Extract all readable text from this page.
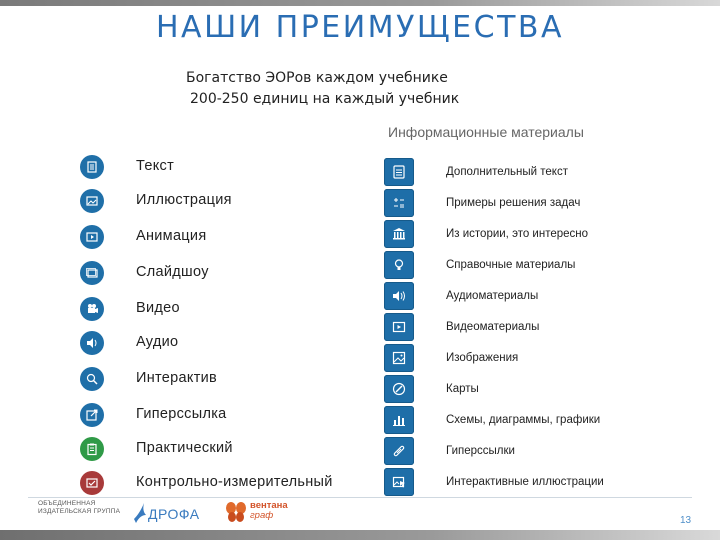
НАШИ ПРЕИМУЩЕСТВА
Богатство ЭОРов каждом учебнике
200-250 единиц на каждый учебник
Текст
Иллюстрация
Анимация
Слайдшоу
Видео
Аудио
Интерактив
Гиперссылка
Практический
Контрольно-измерительный
Информационные материалы
Дополнительный текст
Примеры решения задач
Из истории, это интересно
Справочные материалы
Аудиоматериалы
Видеоматериалы
Изображения
Карты
Схемы, диаграммы, графики
Гиперссылки
Интерактивные иллюстрации
ОБЪЕДИНЕННАЯ
ИЗДАТЕЛЬСКАЯ ГРУППА ДРОФА
вентана
граф	13
